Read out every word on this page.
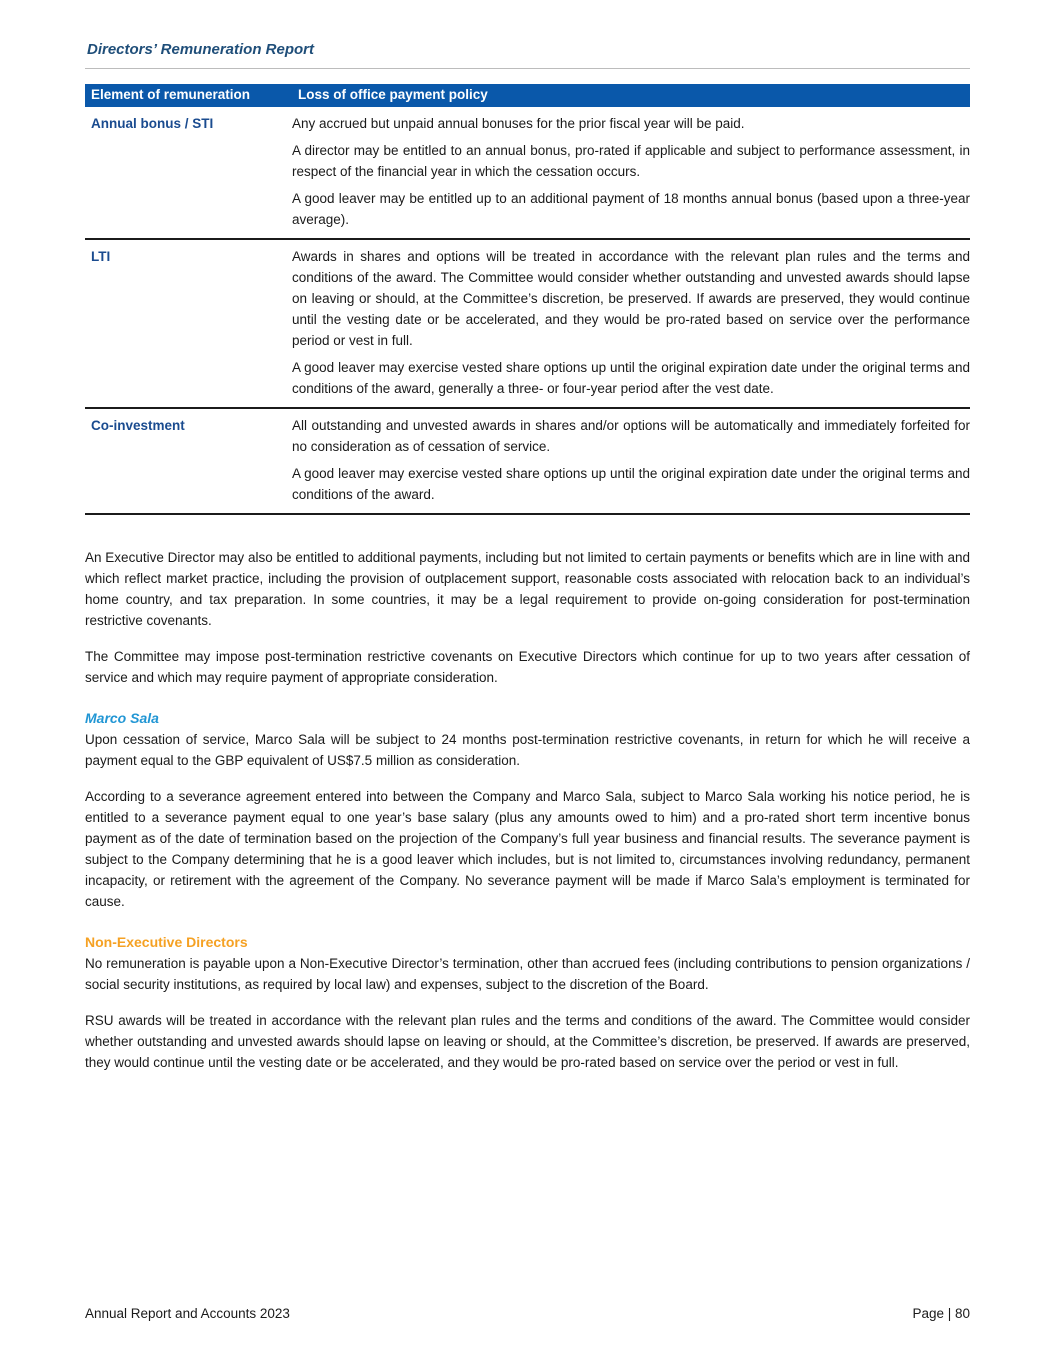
Directors’ Remuneration Report
Element of remuneration	Loss of office payment policy
Annual bonus / STI	Any accrued but unpaid annual bonuses for the prior fiscal year will be paid.

A director may be entitled to an annual bonus, pro-rated if applicable and subject to performance assessment, in respect of the financial year in which the cessation occurs.

A good leaver may be entitled up to an additional payment of 18 months annual bonus (based upon a three-year average).

LTI	Awards in shares and options will be treated in accordance with the relevant plan rules and the terms and conditions of the award. The Committee would consider whether outstanding and unvested awards should lapse on leaving or should, at the Committee’s discretion, be preserved. If awards are preserved, they would continue until the vesting date or be accelerated, and they would be pro-rated based on service over the performance period or vest in full.

A good leaver may exercise vested share options up until the original expiration date under the original terms and conditions of the award, generally a three- or four-year period after the vest date.

Co-investment	All outstanding and unvested awards in shares and/or options will be automatically and immediately forfeited for no consideration as of cessation of service.

A good leaver may exercise vested share options up until the original expiration date under the original terms and conditions of the award.

An Executive Director may also be entitled to additional payments, including but not limited to certain payments or benefits which are in line with and which reflect market practice, including the provision of outplacement support, reasonable costs associated with relocation back to an individual’s home country, and tax preparation. In some countries, it may be a legal requirement to provide on-going consideration for post-termination restrictive covenants.

The Committee may impose post-termination restrictive covenants on Executive Directors which continue for up to two years after cessation of service and which may require payment of appropriate consideration.

Marco Sala

Upon cessation of service, Marco Sala will be subject to 24 months post-termination restrictive covenants, in return for which he will receive a payment equal to the GBP equivalent of US$7.5 million as consideration.

According to a severance agreement entered into between the Company and Marco Sala, subject to Marco Sala working his notice period, he is entitled to a severance payment equal to one year’s base salary (plus any amounts owed to him) and a pro-rated short term incentive bonus payment as of the date of termination based on the projection of the Company’s full year business and financial results. The severance payment is subject to the Company determining that he is a good leaver which includes, but is not limited to, circumstances involving redundancy, permanent incapacity, or retirement with the agreement of the Company. No severance payment will be made if Marco Sala’s employment is terminated for cause.

Non-Executive Directors

No remuneration is payable upon a Non-Executive Director’s termination, other than accrued fees (including contributions to pension organizations / social security institutions, as required by local law) and expenses, subject to the discretion of the Board.

RSU awards will be treated in accordance with the relevant plan rules and the terms and conditions of the award. The Committee would consider whether outstanding and unvested awards should lapse on leaving or should, at the Committee’s discretion, be preserved. If awards are preserved, they would continue until the vesting date or be accelerated, and they would be pro-rated based on service over the period or vest in full.

Annual Report and Accounts 2023	Page | 80
